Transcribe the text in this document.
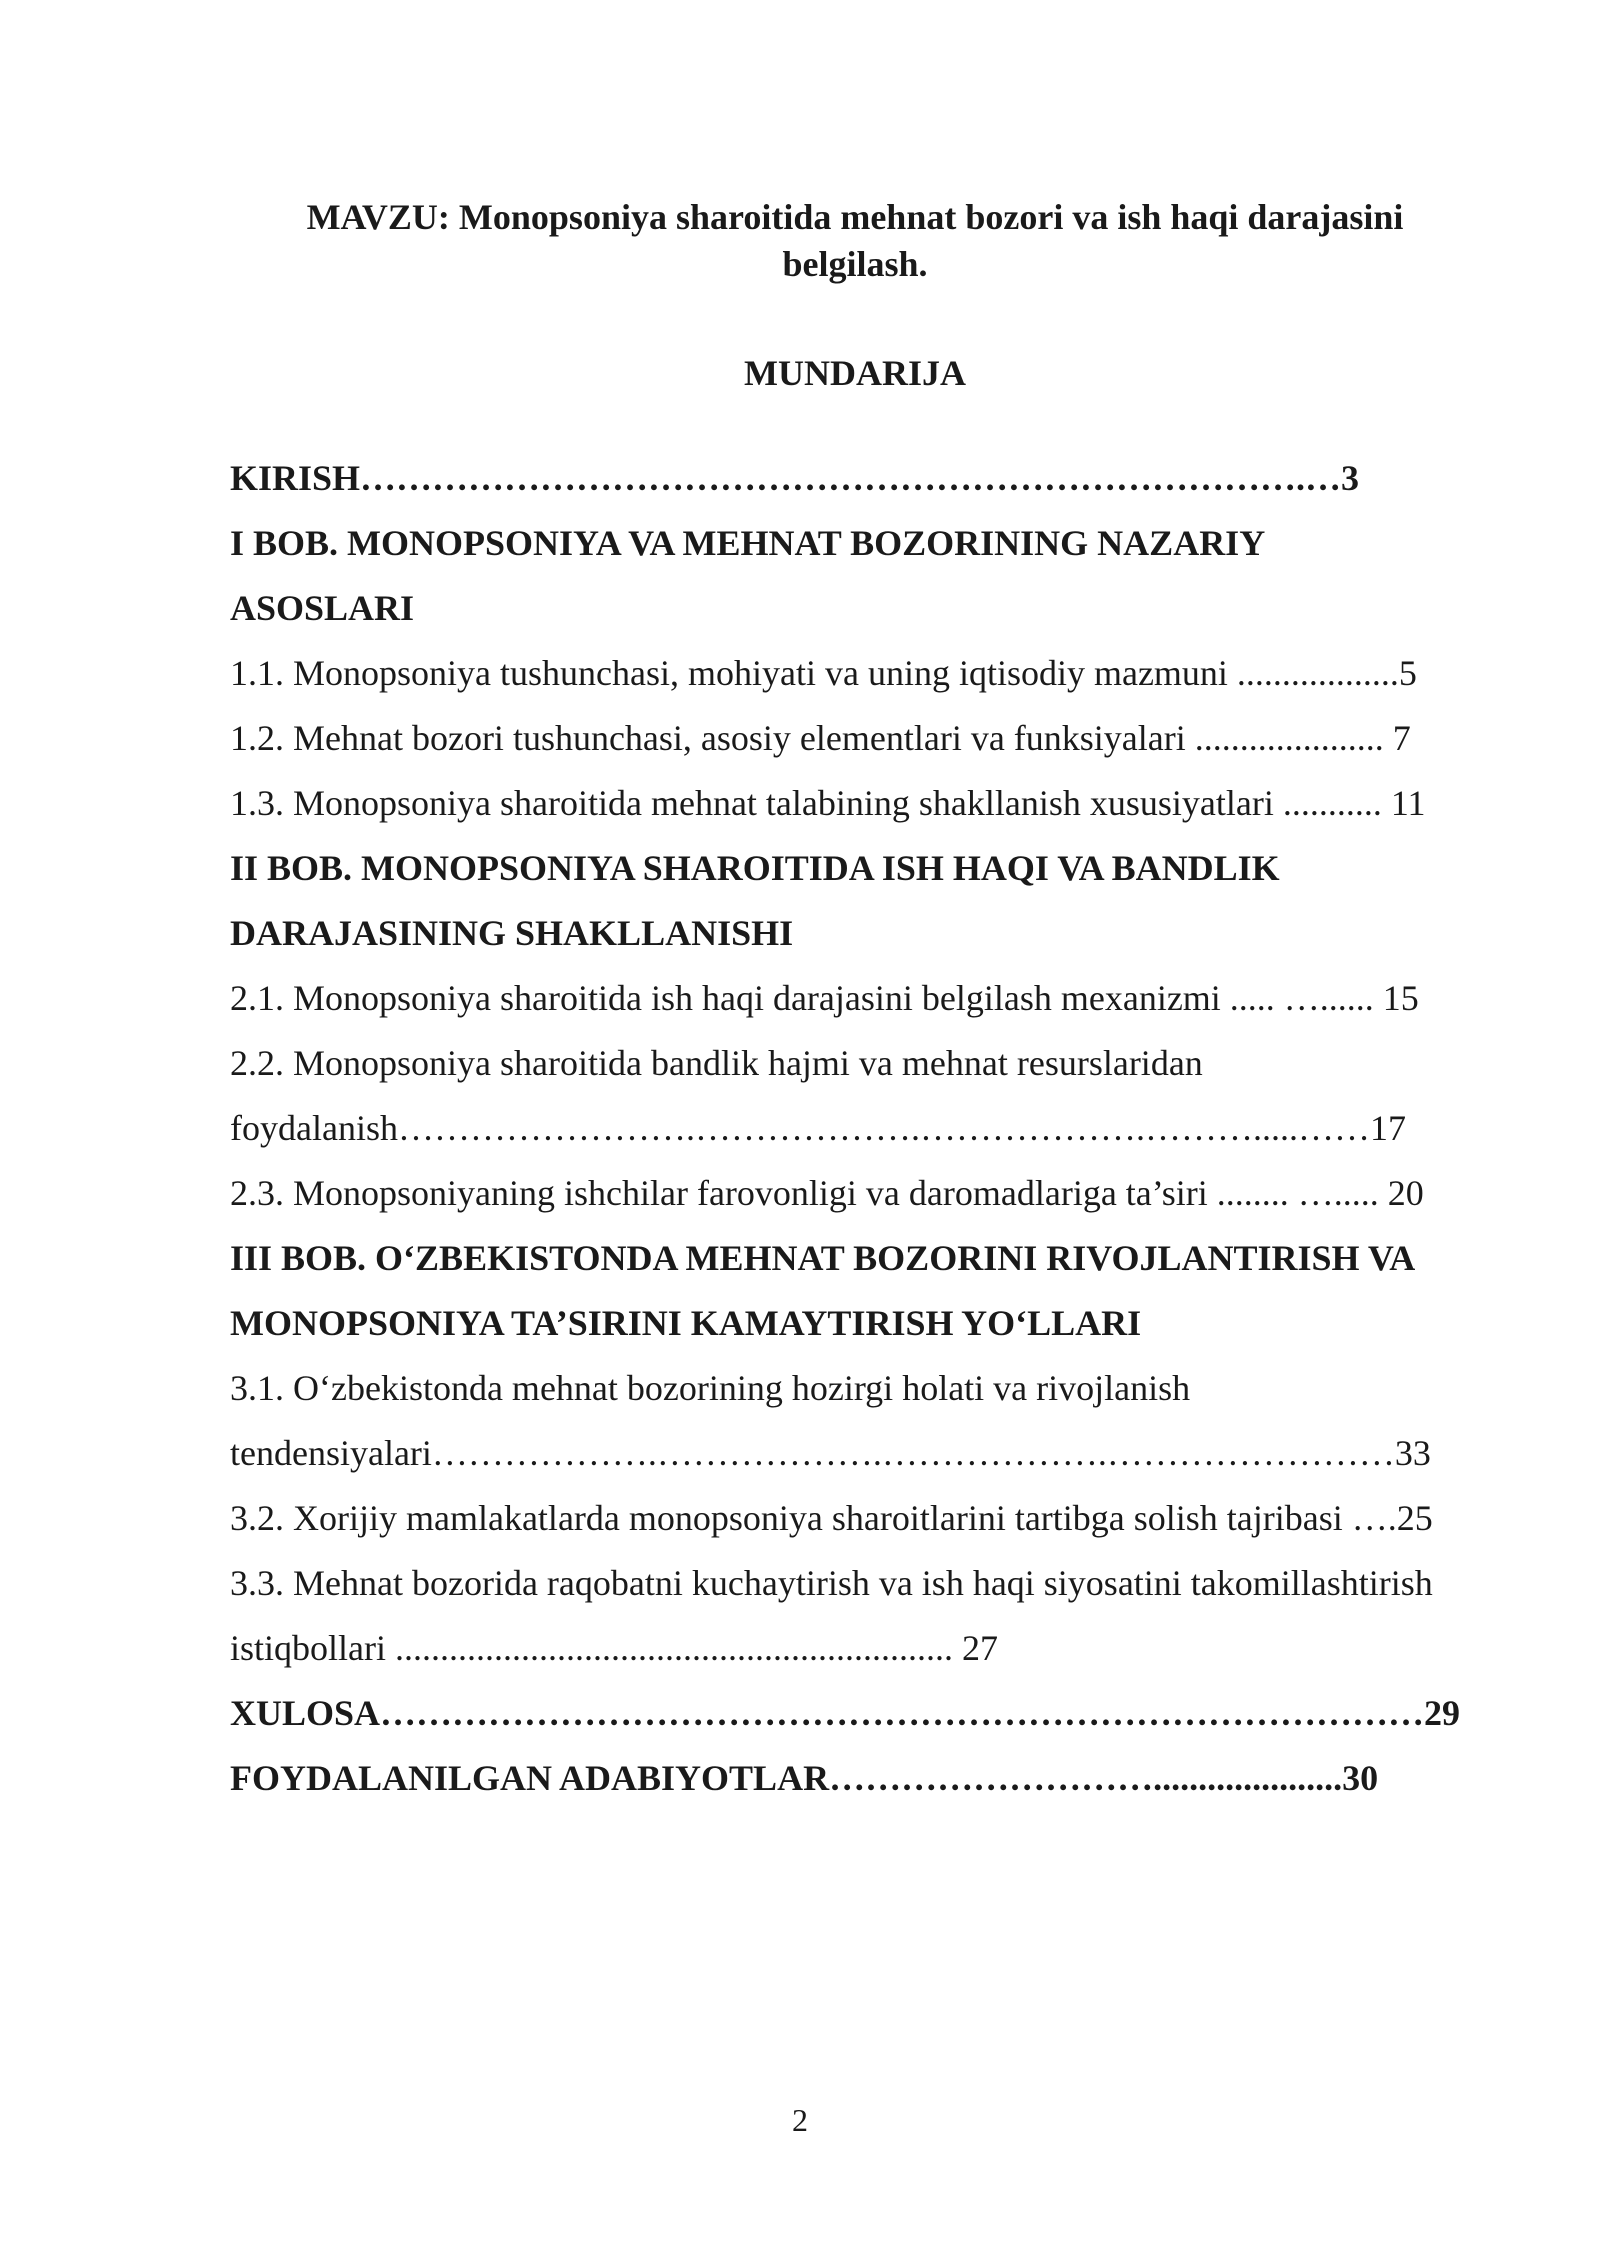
MAVZU: Monopsoniya sharoitida mehnat bozori va ish haqi darajasini belgilash.
MUNDARIJA
KIRISH…………………………………………………………………….…3
I BOB. MONOPSONIYA VA MEHNAT BOZORINING NAZARIY
ASOSLARI
1.1. Monopsoniya tushunchasi, mohiyati va uning iqtisodiy mazmuni ..................5
1.2. Mehnat bozori tushunchasi, asosiy elementlari va funksiyalari ..................... 7
1.3. Monopsoniya sharoitida mehnat talabining shakllanish xususiyatlari ........... 11
II BOB. MONOPSONIYA SHAROITIDA ISH HAQI VA BANDLIK
DARAJASINING SHAKLLANISHI
2.1. Monopsoniya sharoitida ish haqi darajasini belgilash mexanizmi ..... …...... 15
2.2. Monopsoniya sharoitida bandlik hajmi va mehnat resurslaridan
foydalanish…………………….……………….……………….……….....……17
2.3. Monopsoniyaning ishchilar farovonligi va daromadlariga ta’siri ........ …..... 20
III BOB. O‘ZBEKISTONDA MEHNAT BOZORINI RIVOJLANTIRISH VA
MONOPSONIYA TA’SIRINI KAMAYTIRISH YO‘LLARI
3.1. O‘zbekistonda mehnat bozorining hozirgi holati va rivojlanish
tendensiyalari……………….……………….……………….……………………33
3.2. Xorijiy mamlakatlarda monopsoniya sharoitlarini tartibga solish tajribasi ….25
3.3. Mehnat bozorida raqobatni kuchaytirish va ish haqi siyosatini takomillashtirish
istiqbollari .............................................................. 27
XULOSA……………………………………………………………………………29
FOYDALANILGAN ADABIYOTLAR……………………….....................30
2
